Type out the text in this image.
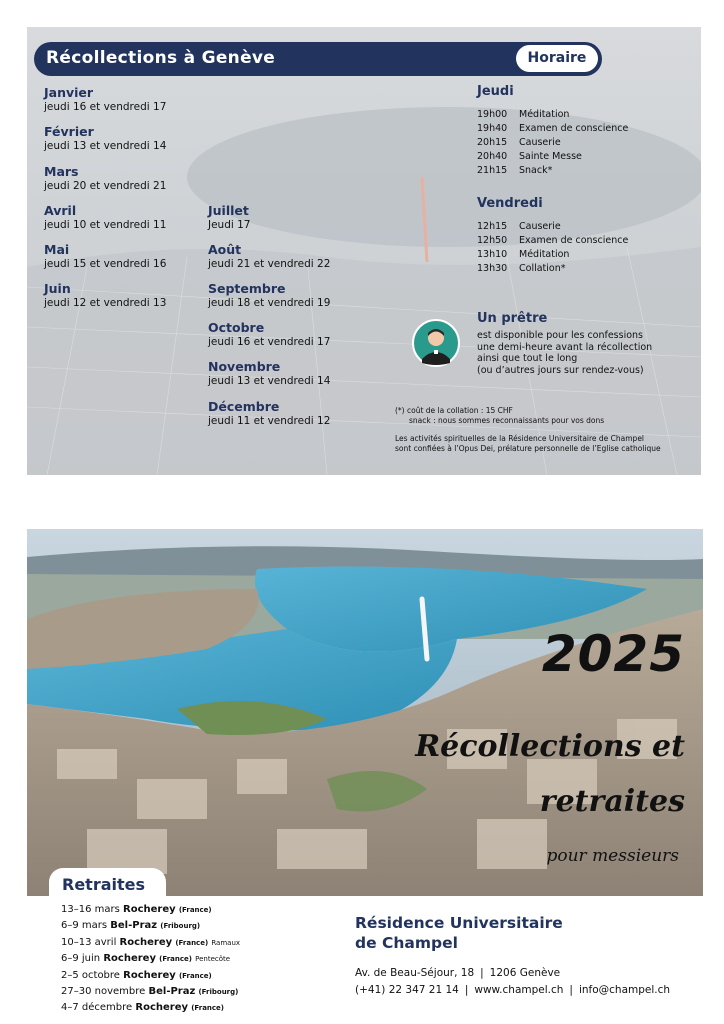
Récollections à Genève	Horaire
Janvier
jeudi 16 et vendredi 17
Février
jeudi 13 et vendredi 14
Mars
jeudi 20 et vendredi 21
Avril
jeudi 10 et vendredi 11
Mai
jeudi 15 et vendredi 16
Juin
jeudi 12 et vendredi 13
Juillet
Jeudi 17
Août
jeudi 21 et vendredi 22
Septembre
jeudi 18 et vendredi 19
Octobre
jeudi 16 et vendredi 17
Novembre
jeudi 13 et vendredi 14
Décembre
jeudi 11 et vendredi 12
Jeudi
19h00	Méditation
19h40	Examen de conscience
20h15	Causerie
20h40	Sainte Messe
21h15	Snack*
Vendredi
12h15	Causerie
12h50	Examen de conscience
13h10	Méditation
13h30	Collation*
Un prêtre
est disponible pour les confessions
une demi-heure avant la récollection
ainsi que tout le long
(ou d’autres jours sur rendez-vous)
(*) coût de la collation : 15 CHF
snack : nous sommes reconnaissants pour vos dons
Les activités spirituelles de la Résidence Universitaire de Champel
sont confiées à l’Opus Dei, prélature personnelle de l’Eglise catholique
2025
Récollections et
retraites
pour messieurs
Retraites
13–16 mars Rocherey (France)
6–9 mars Bel-Praz (Fribourg)
10–13 avril Rocherey (France) Ramaux
6–9 juin Rocherey (France) Pentecôte
2–5 octobre Rocherey (France)
27–30 novembre Bel-Praz (Fribourg)
4–7 décembre Rocherey (France)
Résidence Universitaire
de Champel
Av. de Beau-Séjour, 18 | 1206 Genève
(+41) 22 347 21 14 | www.champel.ch | info@champel.ch
